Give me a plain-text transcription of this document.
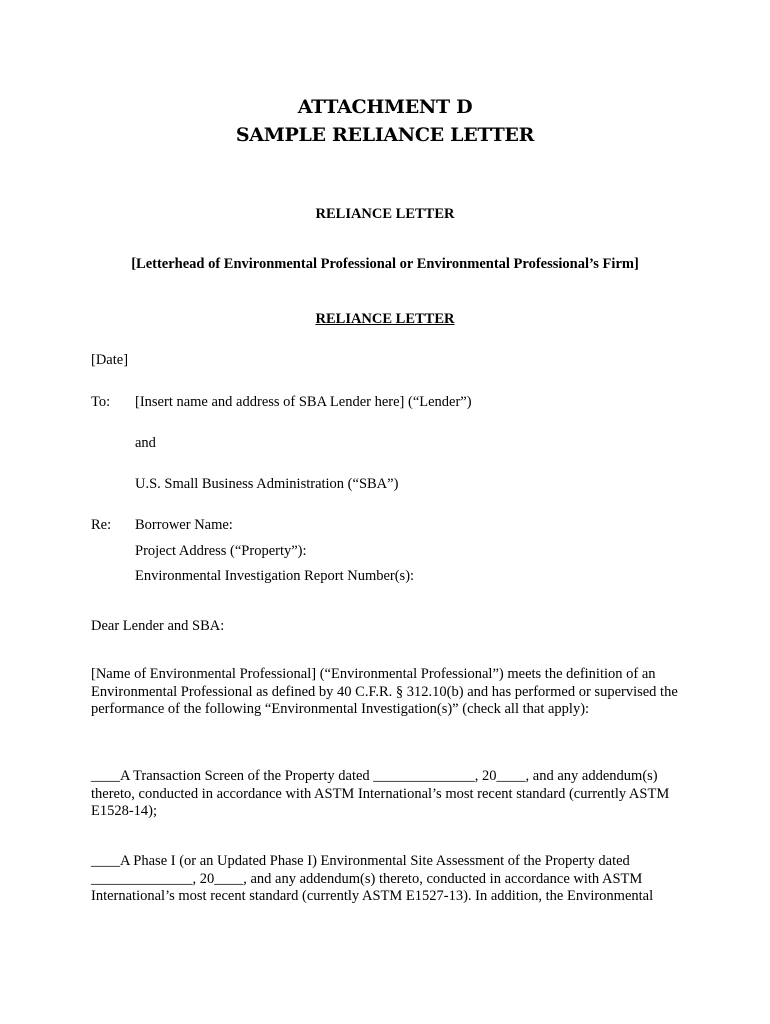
ATTACHMENT D
SAMPLE RELIANCE LETTER
RELIANCE LETTER
[Letterhead of Environmental Professional or Environmental Professional’s Firm]
RELIANCE LETTER
[Date]
To: [Insert name and address of SBA Lender here] (“Lender”)
and
U.S. Small Business Administration (“SBA”)
Re: Borrower Name:
Project Address (“Property”):
Environmental Investigation Report Number(s):
Dear Lender and SBA:
[Name of Environmental Professional] (“Environmental Professional”) meets the definition of an Environmental Professional as defined by 40 C.F.R. § 312.10(b) and has performed or supervised the performance of the following “Environmental Investigation(s)” (check all that apply):
____A Transaction Screen of the Property dated ______________, 20____, and any addendum(s) thereto, conducted in accordance with ASTM International’s most recent standard (currently ASTM E1528-14);
____A Phase I (or an Updated Phase I) Environmental Site Assessment of the Property dated ______________, 20____, and any addendum(s) thereto, conducted in accordance with ASTM International’s most recent standard (currently ASTM E1527-13). In addition, the Environmental
